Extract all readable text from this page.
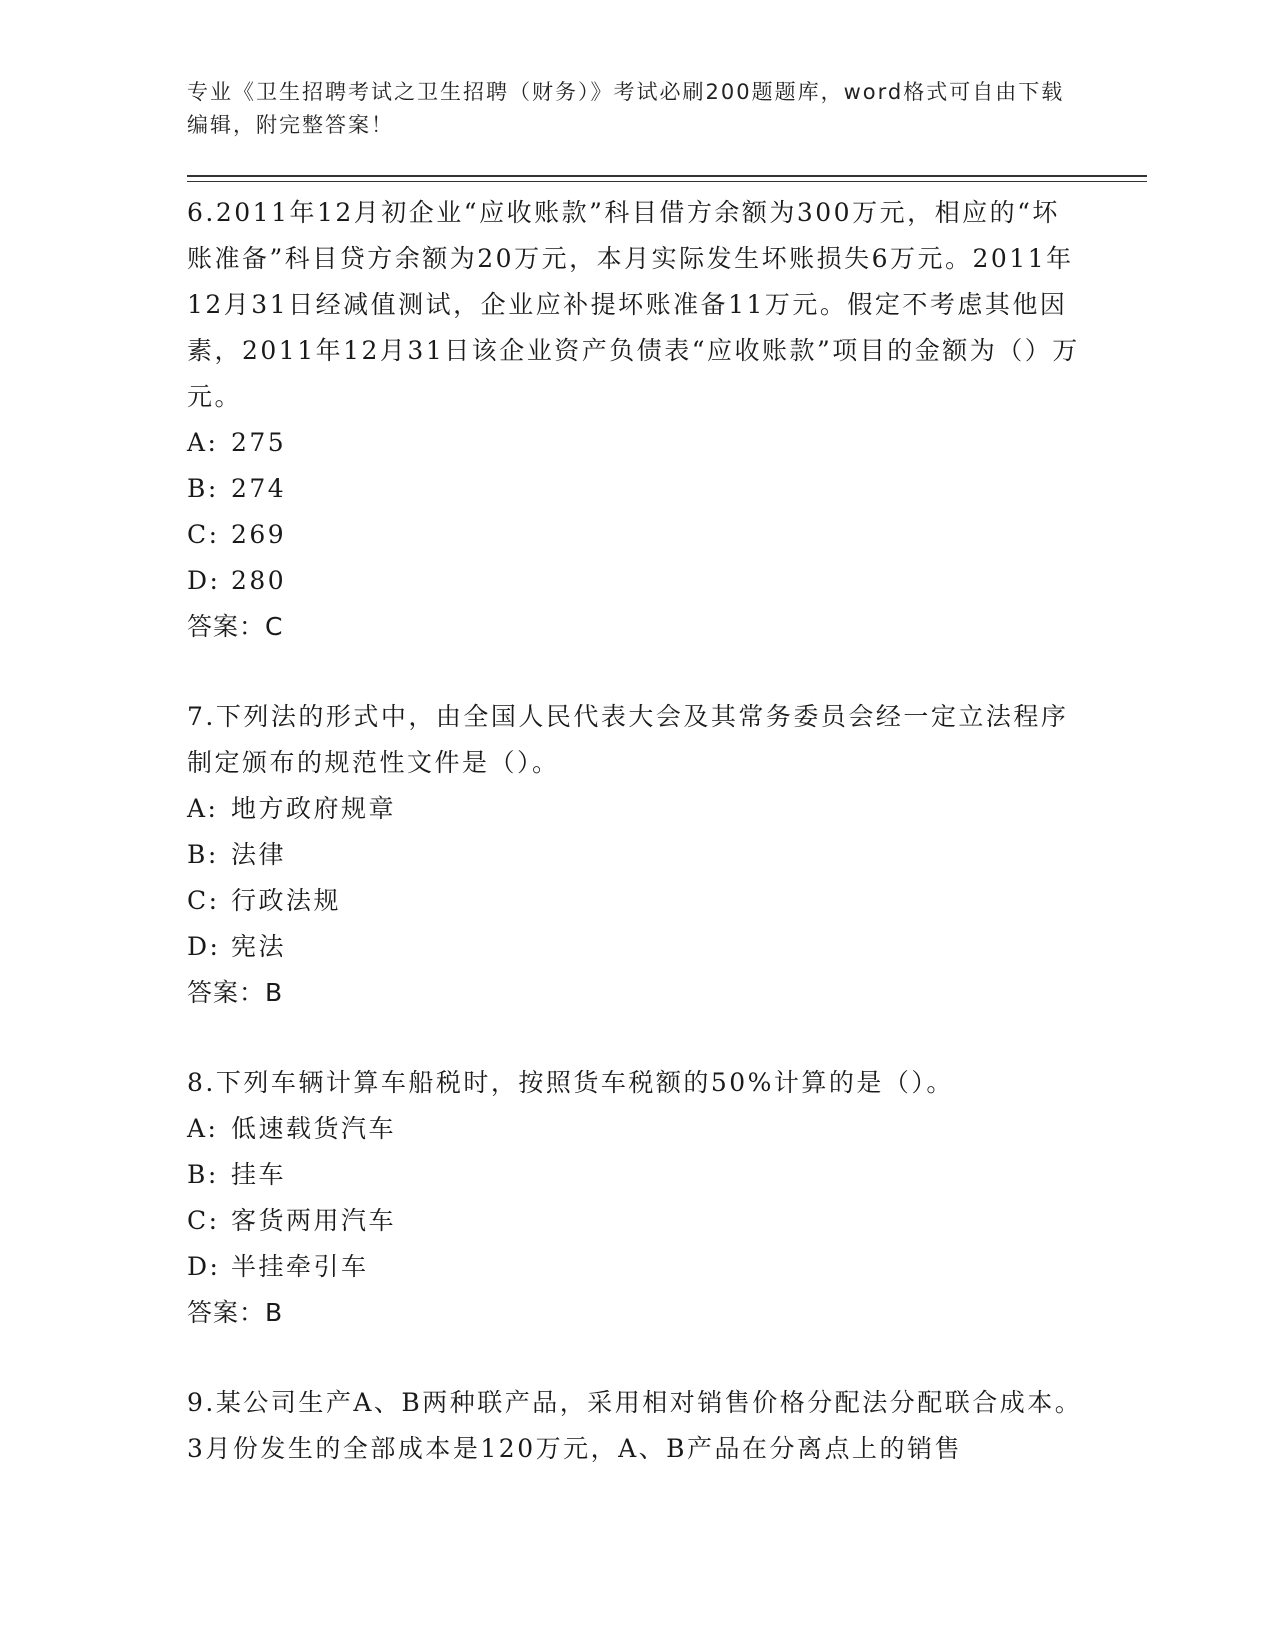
专业《卫生招聘考试之卫生招聘（财务）》考试必刷200题题库，word格式可自由下载编辑，附完整答案！

6.2011年12月初企业“应收账款”科目借方余额为300万元，相应的“坏账准备”科目贷方余额为20万元，本月实际发生坏账损失6万元。2011年12月31日经减值测试，企业应补提坏账准备11万元。假定不考虑其他因素，2011年12月31日该企业资产负债表“应收账款”项目的金额为（）万元。

A: 275
B: 274
C: 269
D: 280

答案：C

7.下列法的形式中，由全国人民代表大会及其常务委员会经一定立法程序制定颁布的规范性文件是（）。

A: 地方政府规章
B: 法律
C: 行政法规
D: 宪法

答案：B

8.下列车辆计算车船税时，按照货车税额的50%计算的是（）。

A: 低速载货汽车
B: 挂车
C: 客货两用汽车
D: 半挂牵引车

答案：B

9.某公司生产A、B两种联产品，采用相对销售价格分配法分配联合成本。3月份发生的全部成本是120万元，A、B产品在分离点上的销售
